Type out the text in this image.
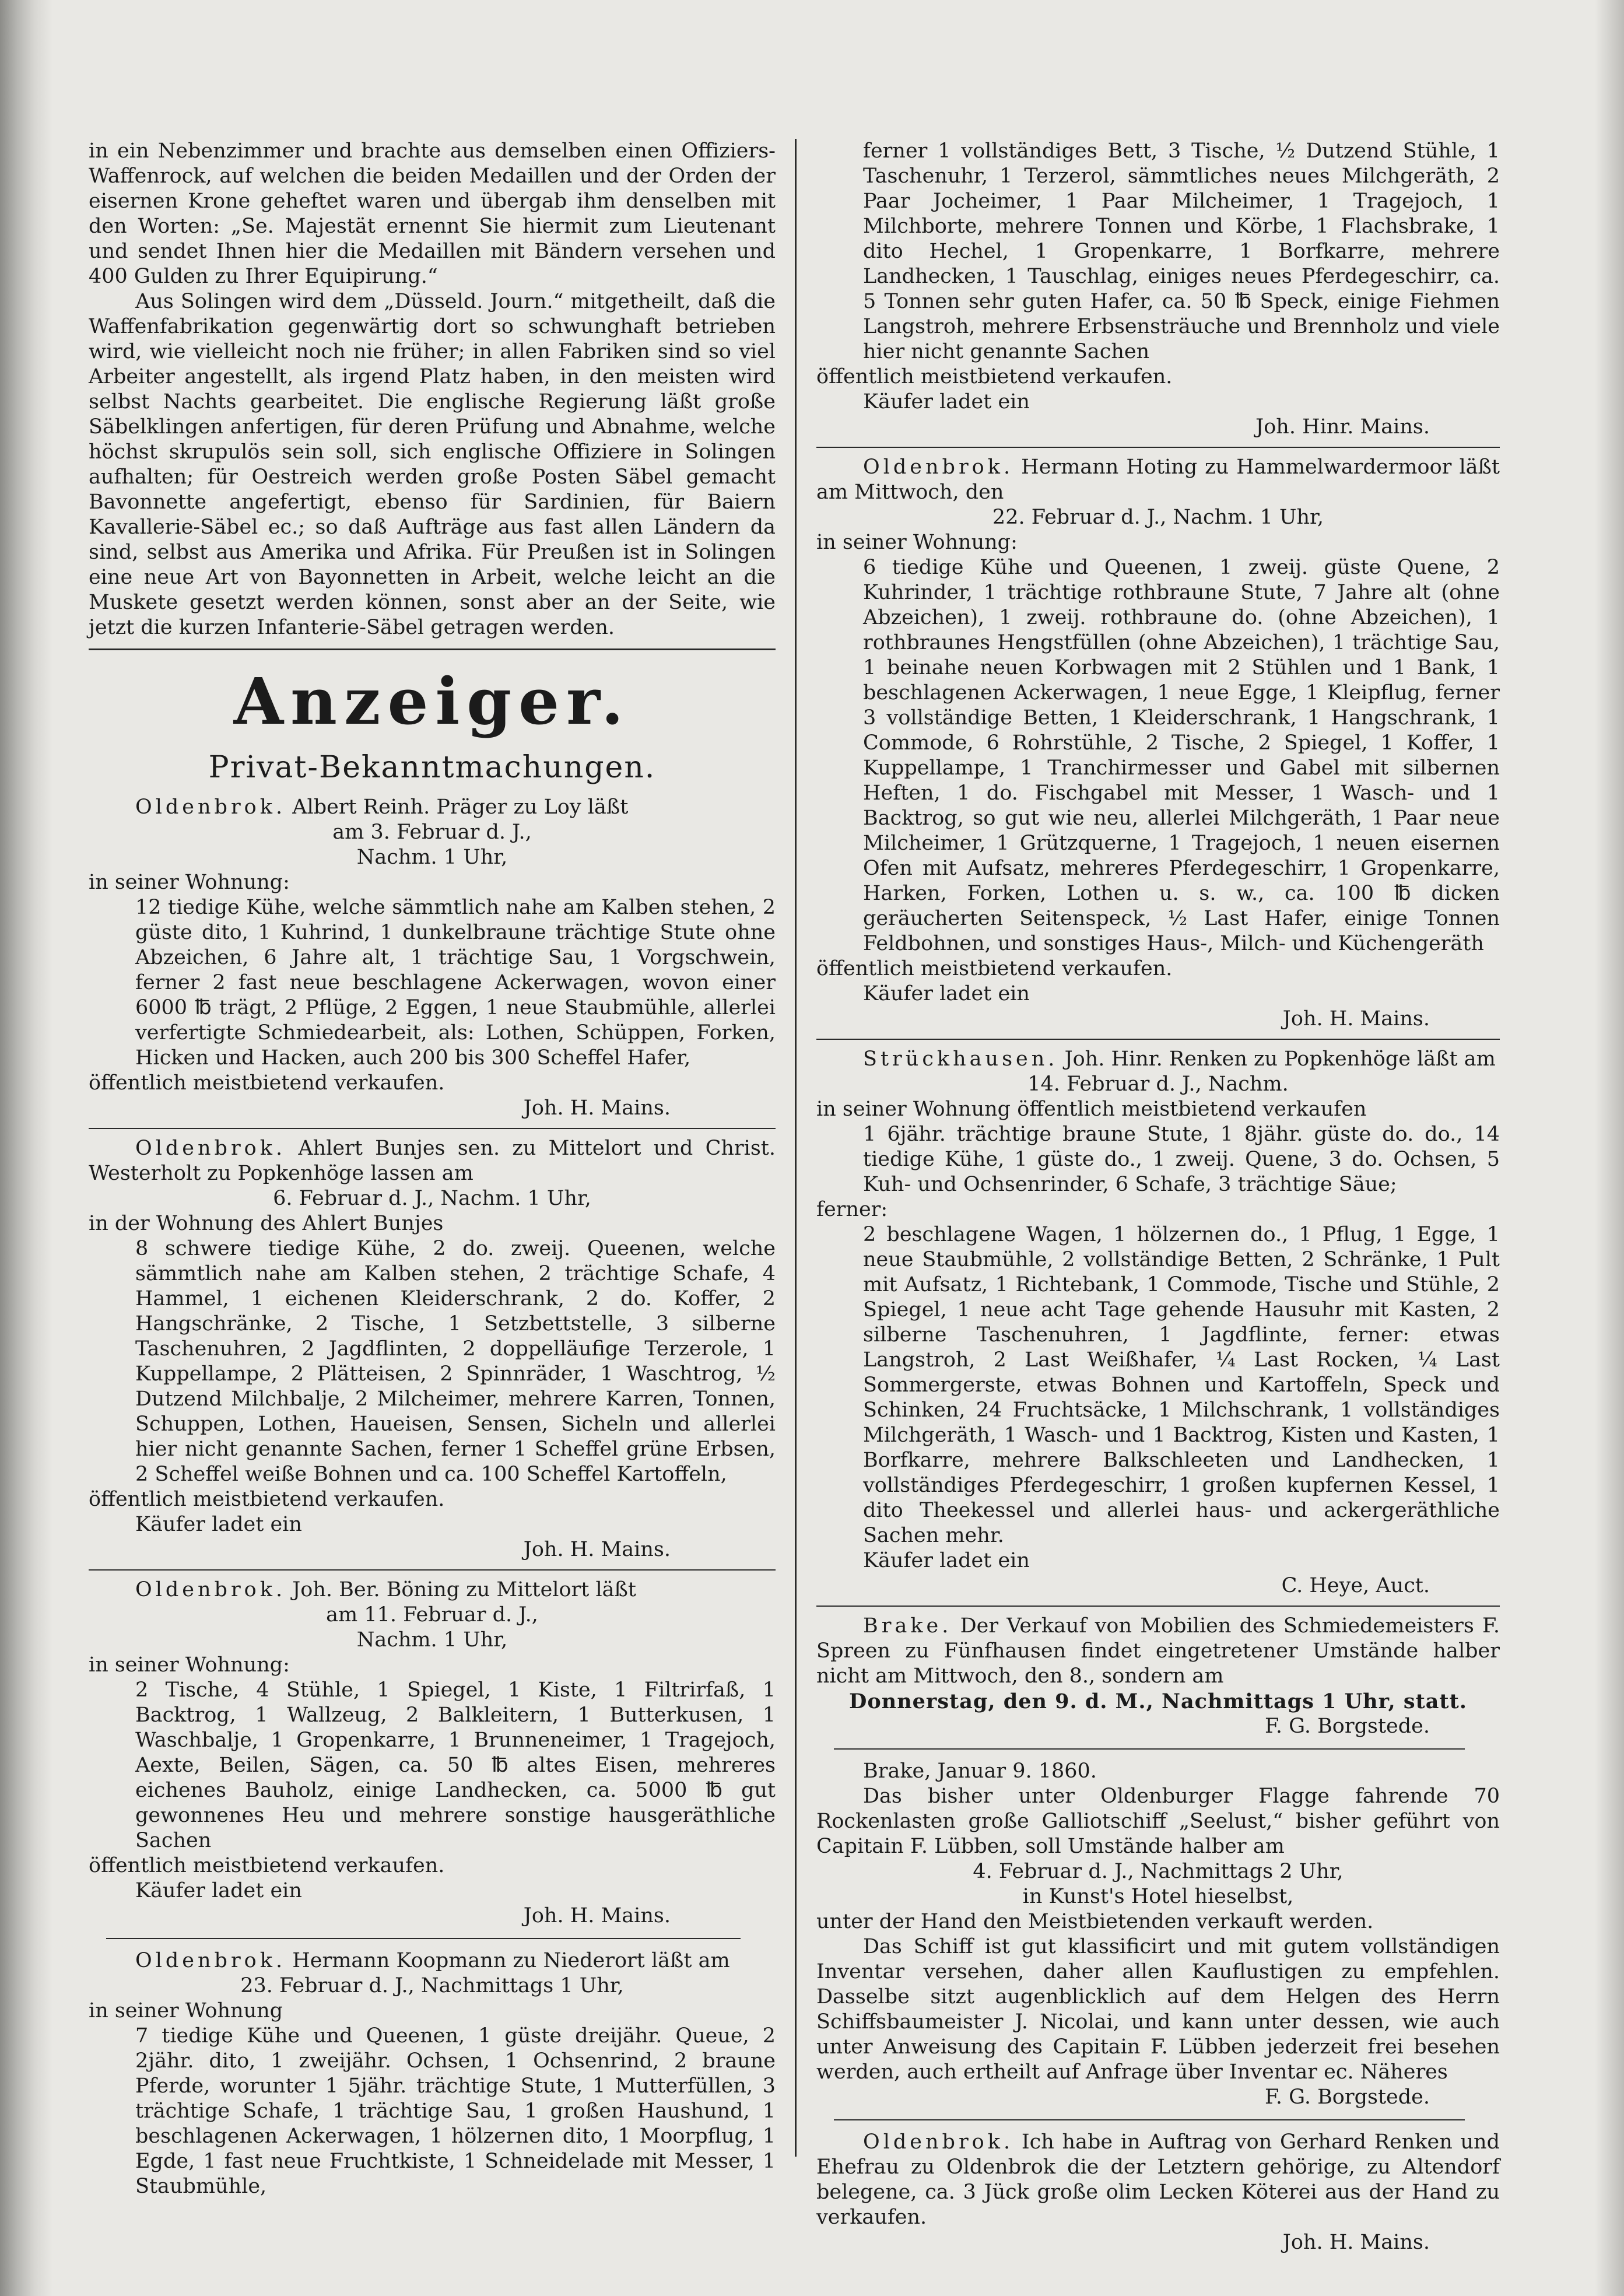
in ein Nebenzimmer und brachte aus demselben einen Offiziers-Waffenrock, auf welchen die beiden Medaillen und der Orden der eisernen Krone geheftet waren und übergab ihm denselben mit den Worten: „Se. Majestät ernennt Sie hiermit zum Lieutenant und sendet Ihnen hier die Medaillen mit Bändern versehen und 400 Gulden zu Ihrer Equipirung.“

Aus Solingen wird dem „Düsseld. Journ.“ mitgetheilt, daß die Waffenfabrikation gegenwärtig dort so schwunghaft betrieben wird, wie vielleicht noch nie früher; in allen Fabriken sind so viel Arbeiter angestellt, als irgend Platz haben, in den meisten wird selbst Nachts gearbeitet. Die englische Regierung läßt große Säbelklingen anfertigen, für deren Prüfung und Abnahme, welche höchst skrupulös sein soll, sich englische Offiziere in Solingen aufhalten; für Oestreich werden große Posten Säbel gemacht Bavonnette angefertigt, ebenso für Sardinien, für Baiern Kavallerie-Säbel ec.; so daß Aufträge aus fast allen Ländern da sind, selbst aus Amerika und Afrika. Für Preußen ist in Solingen eine neue Art von Bayonnetten in Arbeit, welche leicht an die Muskete gesetzt werden können, sonst aber an der Seite, wie jetzt die kurzen Infanterie-Säbel getragen werden.

Anzeiger.
Privat-Bekanntmachungen.

Oldenbrok. Albert Reinh. Präger zu Loy läßt

am 3. Februar d. J.,

Nachm. 1 Uhr,

in seiner Wohnung:

12 tiedige Kühe, welche sämmtlich nahe am Kalben stehen, 2 güste dito, 1 Kuhrind, 1 dunkelbraune trächtige Stute ohne Abzeichen, 6 Jahre alt, 1 trächtige Sau, 1 Vorgschwein, ferner 2 fast neue beschlagene Ackerwagen, wovon einer 6000 ℔ trägt, 2 Pflüge, 2 Eggen, 1 neue Staubmühle, allerlei verfertigte Schmiedearbeit, als: Lothen, Schüppen, Forken, Hicken und Hacken, auch 200 bis 300 Scheffel Hafer,

öffentlich meistbietend verkaufen.

Joh. H. Mains.

Oldenbrok. Ahlert Bunjes sen. zu Mittelort und Christ. Westerholt zu Popkenhöge lassen am

6. Februar d. J., Nachm. 1 Uhr,

in der Wohnung des Ahlert Bunjes

8 schwere tiedige Kühe, 2 do. zweij. Queenen, welche sämmtlich nahe am Kalben stehen, 2 trächtige Schafe, 4 Hammel, 1 eichenen Kleiderschrank, 2 do. Koffer, 2 Hangschränke, 2 Tische, 1 Setzbettstelle, 3 silberne Taschenuhren, 2 Jagdflinten, 2 doppelläufige Terzerole, 1 Kuppellampe, 2 Plätteisen, 2 Spinnräder, 1 Waschtrog, ½ Dutzend Milchbalje, 2 Milcheimer, mehrere Karren, Tonnen, Schuppen, Lothen, Haueisen, Sensen, Sicheln und allerlei hier nicht genannte Sachen, ferner 1 Scheffel grüne Erbsen, 2 Scheffel weiße Bohnen und ca. 100 Scheffel Kartoffeln,

öffentlich meistbietend verkaufen.

Käufer ladet ein

Joh. H. Mains.

Oldenbrok. Joh. Ber. Böning zu Mittelort läßt

am 11. Februar d. J.,

Nachm. 1 Uhr,

in seiner Wohnung:

2 Tische, 4 Stühle, 1 Spiegel, 1 Kiste, 1 Filtrirfaß, 1 Backtrog, 1 Wallzeug, 2 Balkleitern, 1 Butterkusen, 1 Waschbalje, 1 Gropenkarre, 1 Brunneneimer, 1 Tragejoch, Aexte, Beilen, Sägen, ca. 50 ℔ altes Eisen, mehreres eichenes Bauholz, einige Landhecken, ca. 5000 ℔ gut gewonnenes Heu und mehrere sonstige hausgeräthliche Sachen

öffentlich meistbietend verkaufen.

Käufer ladet ein

Joh. H. Mains.

Oldenbrok. Hermann Koopmann zu Niederort läßt am

23. Februar d. J., Nachmittags 1 Uhr,

in seiner Wohnung

7 tiedige Kühe und Queenen, 1 güste dreijähr. Queue, 2 2jähr. dito, 1 zweijähr. Ochsen, 1 Ochsenrind, 2 braune Pferde, worunter 1 5jähr. trächtige Stute, 1 Mutterfüllen, 3 trächtige Schafe, 1 trächtige Sau, 1 großen Haushund, 1 beschlagenen Ackerwagen, 1 hölzernen dito, 1 Moorpflug, 1 Egde, 1 fast neue Fruchtkiste, 1 Schneidelade mit Messer, 1 Staubmühle,

ferner 1 vollständiges Bett, 3 Tische, ½ Dutzend Stühle, 1 Taschenuhr, 1 Terzerol, sämmtliches neues Milchgeräth, 2 Paar Jocheimer, 1 Paar Milcheimer, 1 Tragejoch, 1 Milchborte, mehrere Tonnen und Körbe, 1 Flachsbrake, 1 dito Hechel, 1 Gropenkarre, 1 Borfkarre, mehrere Landhecken, 1 Tauschlag, einiges neues Pferdegeschirr, ca. 5 Tonnen sehr guten Hafer, ca. 50 ℔ Speck, einige Fiehmen Langstroh, mehrere Erbsensträuche und Brennholz und viele hier nicht genannte Sachen

öffentlich meistbietend verkaufen.

Käufer ladet ein

Joh. Hinr. Mains.

Oldenbrok. Hermann Hoting zu Hammelwardermoor läßt am Mittwoch, den

22. Februar d. J., Nachm. 1 Uhr,

in seiner Wohnung:

6 tiedige Kühe und Queenen, 1 zweij. güste Quene, 2 Kuhrinder, 1 trächtige rothbraune Stute, 7 Jahre alt (ohne Abzeichen), 1 zweij. rothbraune do. (ohne Abzeichen), 1 rothbraunes Hengstfüllen (ohne Abzeichen), 1 trächtige Sau, 1 beinahe neuen Korbwagen mit 2 Stühlen und 1 Bank, 1 beschlagenen Ackerwagen, 1 neue Egge, 1 Kleipflug, ferner 3 vollständige Betten, 1 Kleiderschrank, 1 Hangschrank, 1 Commode, 6 Rohrstühle, 2 Tische, 2 Spiegel, 1 Koffer, 1 Kuppellampe, 1 Tranchirmesser und Gabel mit silbernen Heften, 1 do. Fischgabel mit Messer, 1 Wasch- und 1 Backtrog, so gut wie neu, allerlei Milchgeräth, 1 Paar neue Milcheimer, 1 Grützquerne, 1 Tragejoch, 1 neuen eisernen Ofen mit Aufsatz, mehreres Pferdegeschirr, 1 Gropenkarre, Harken, Forken, Lothen u. s. w., ca. 100 ℔ dicken geräucherten Seitenspeck, ½ Last Hafer, einige Tonnen Feldbohnen, und sonstiges Haus-, Milch- und Küchengeräth

öffentlich meistbietend verkaufen.

Käufer ladet ein

Joh. H. Mains.

Strückhausen. Joh. Hinr. Renken zu Popkenhöge läßt am

14. Februar d. J., Nachm.

in seiner Wohnung öffentlich meistbietend verkaufen

1 6jähr. trächtige braune Stute, 1 8jähr. güste do. do., 14 tiedige Kühe, 1 güste do., 1 zweij. Quene, 3 do. Ochsen, 5 Kuh- und Ochsenrinder, 6 Schafe, 3 trächtige Säue;

ferner:

2 beschlagene Wagen, 1 hölzernen do., 1 Pflug, 1 Egge, 1 neue Staubmühle, 2 vollständige Betten, 2 Schränke, 1 Pult mit Aufsatz, 1 Richtebank, 1 Commode, Tische und Stühle, 2 Spiegel, 1 neue acht Tage gehende Hausuhr mit Kasten, 2 silberne Taschenuhren, 1 Jagdflinte, ferner: etwas Langstroh, 2 Last Weißhafer, ¼ Last Rocken, ¼ Last Sommergerste, etwas Bohnen und Kartoffeln, Speck und Schinken, 24 Fruchtsäcke, 1 Milchschrank, 1 vollständiges Milchgeräth, 1 Wasch- und 1 Backtrog, Kisten und Kasten, 1 Borfkarre, mehrere Balkschleeten und Landhecken, 1 vollständiges Pferdegeschirr, 1 großen kupfernen Kessel, 1 dito Theekessel und allerlei haus- und ackergeräthliche Sachen mehr.

Käufer ladet ein

C. Heye, Auct.

Brake. Der Verkauf von Mobilien des Schmiedemeisters F. Spreen zu Fünfhausen findet eingetretener Umstände halber nicht am Mittwoch, den 8., sondern am

Donnerstag, den 9. d. M., Nachmittags 1 Uhr, statt.

F. G. Borgstede.

Brake, Januar 9. 1860.

Das bisher unter Oldenburger Flagge fahrende 70 Rockenlasten große Galliotschiff „Seelust,“ bisher geführt von Capitain F. Lübben, soll Umstände halber am

4. Februar d. J., Nachmittags 2 Uhr,

in Kunst's Hotel hieselbst,

unter der Hand den Meistbietenden verkauft werden.

Das Schiff ist gut klassificirt und mit gutem vollständigen Inventar versehen, daher allen Kauflustigen zu empfehlen. Dasselbe sitzt augenblicklich auf dem Helgen des Herrn Schiffsbaumeister J. Nicolai, und kann unter dessen, wie auch unter Anweisung des Capitain F. Lübben jederzeit frei besehen werden, auch ertheilt auf Anfrage über Inventar ec. Näheres

F. G. Borgstede.

Oldenbrok. Ich habe in Auftrag von Gerhard Renken und Ehefrau zu Oldenbrok die der Letztern gehörige, zu Altendorf belegene, ca. 3 Jück große olim Lecken Köterei aus der Hand zu verkaufen.

Joh. H. Mains.
